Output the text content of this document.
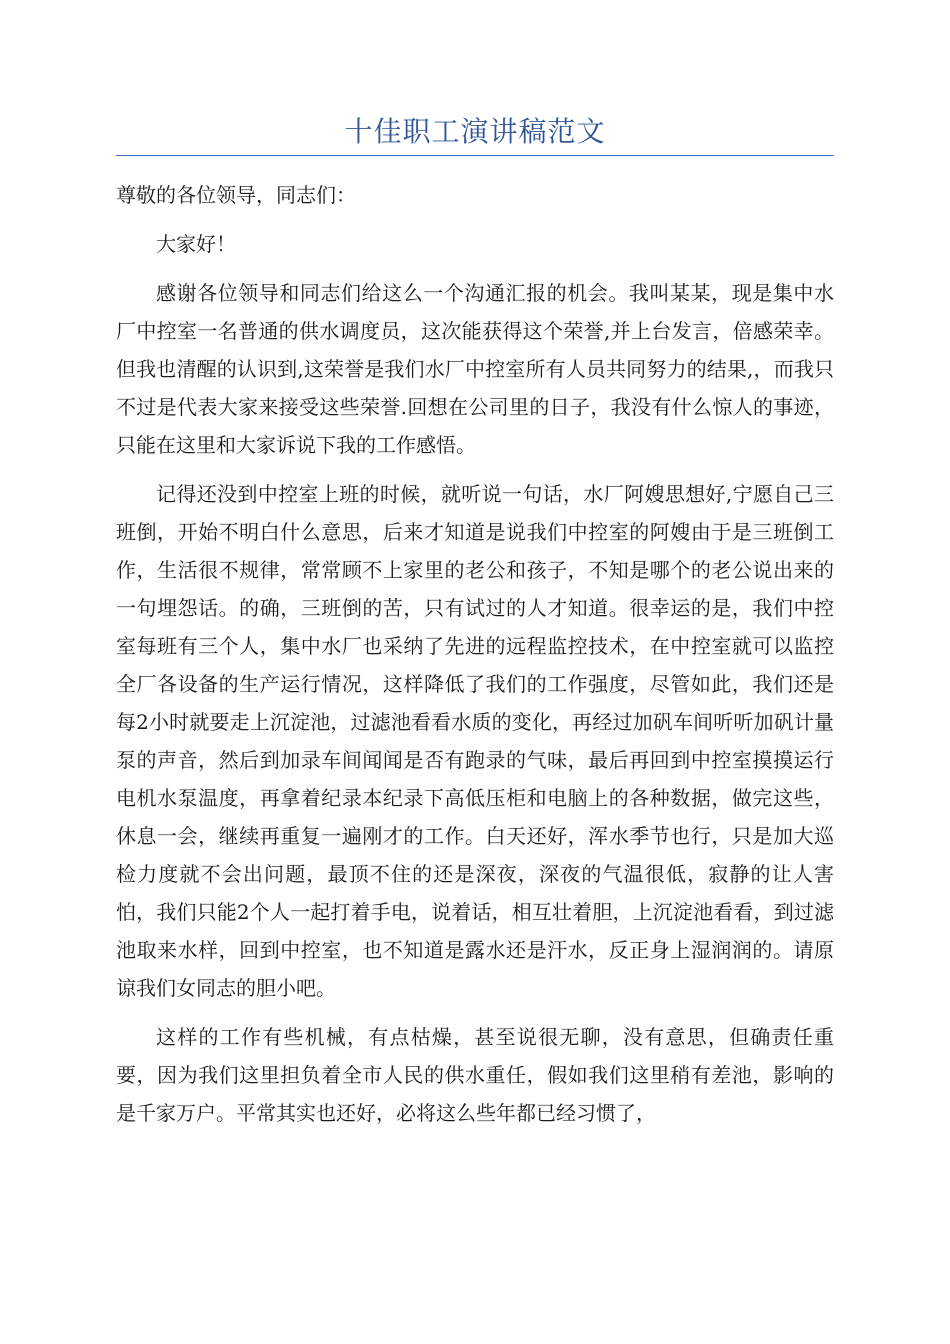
十佳职工演讲稿范文

尊敬的各位领导，同志们：

大家好！

感谢各位领导和同志们给这么一个沟通汇报的机会。我叫某某，现是集中水厂中控室一名普通的供水调度员，这次能获得这个荣誉,并上台发言，倍感荣幸。但我也清醒的认识到,这荣誉是我们水厂中控室所有人员共同努力的结果,，而我只不过是代表大家来接受这些荣誉.回想在公司里的日子，我没有什么惊人的事迹，只能在这里和大家诉说下我的工作感悟。

记得还没到中控室上班的时候，就听说一句话，水厂阿嫂思想好,宁愿自己三班倒，开始不明白什么意思，后来才知道是说我们中控室的阿嫂由于是三班倒工作，生活很不规律，常常顾不上家里的老公和孩子，不知是哪个的老公说出来的一句埋怨话。的确，三班倒的苦，只有试过的人才知道。很幸运的是，我们中控室每班有三个人，集中水厂也采纳了先进的远程监控技术，在中控室就可以监控全厂各设备的生产运行情况，这样降低了我们的工作强度，尽管如此，我们还是每2小时就要走上沉淀池，过滤池看看水质的变化，再经过加矾车间听听加矾计量泵的声音，然后到加录车间闻闻是否有跑录的气味，最后再回到中控室摸摸运行电机水泵温度，再拿着纪录本纪录下高低压柜和电脑上的各种数据，做完这些，休息一会，继续再重复一遍刚才的工作。白天还好，浑水季节也行，只是加大巡检力度就不会出问题，最顶不住的还是深夜，深夜的气温很低，寂静的让人害怕，我们只能2个人一起打着手电，说着话，相互壮着胆，上沉淀池看看，到过滤池取来水样，回到中控室，也不知道是露水还是汗水，反正身上湿润润的。请原谅我们女同志的胆小吧。

这样的工作有些机械，有点枯燥，甚至说很无聊，没有意思，但确责任重要，因为我们这里担负着全市人民的供水重任，假如我们这里稍有差池，影响的是千家万户。平常其实也还好，必将这么些年都已经习惯了，
